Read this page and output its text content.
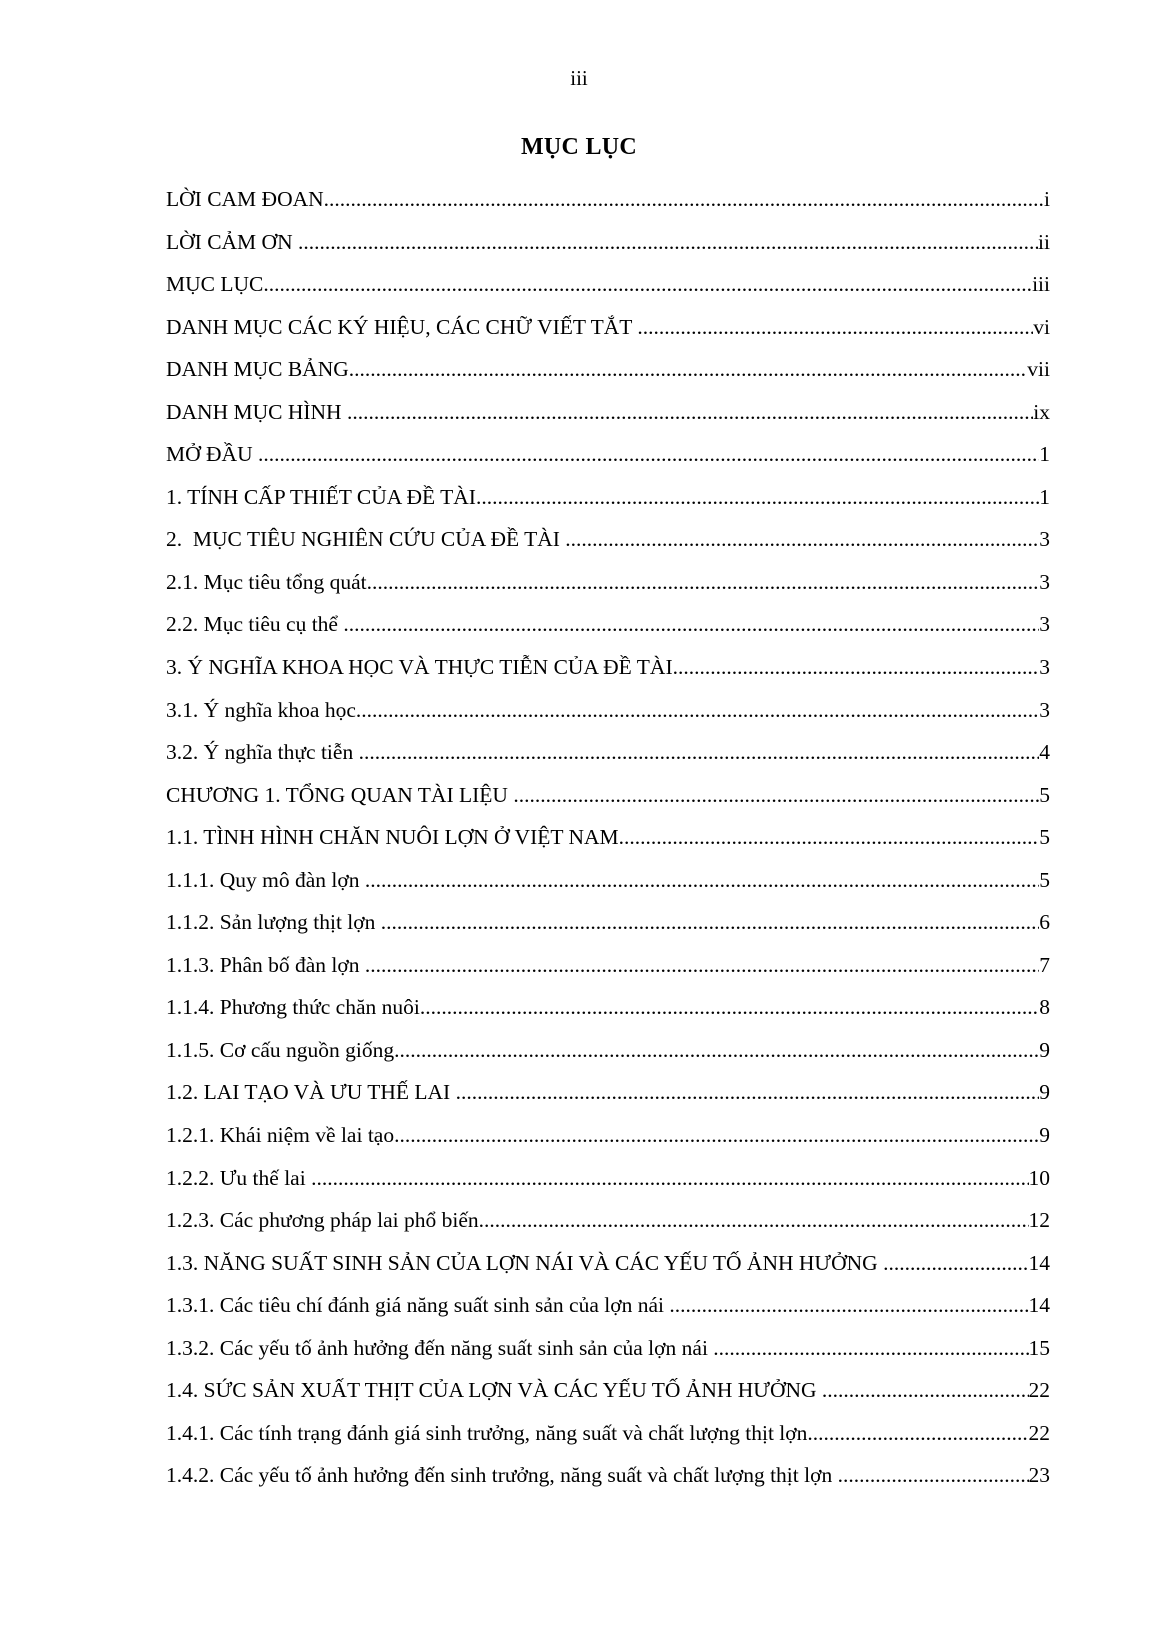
iii
MỤC LỤC
LỜI CAM ĐOAN .....	i
LỜI CẢM ƠN .....	ii
MỤC LỤC .....	iii
DANH MỤC CÁC KÝ HIỆU, CÁC CHỮ VIẾT TẮT .....	vi
DANH MỤC BẢNG .....	vii
DANH MỤC HÌNH .....	ix
MỞ ĐẦU .....	1
1. TÍNH CẤP THIẾT CỦA ĐỀ TÀI .....	1
2.  MỤC TIÊU NGHIÊN CỨU CỦA ĐỀ TÀI .....	3
2.1. Mục tiêu tổng quát .....	3
2.2. Mục tiêu cụ thể .....	3
3. Ý NGHĨA KHOA HỌC VÀ THỰC TIỄN CỦA ĐỀ TÀI .....	3
3.1. Ý nghĩa khoa học .....	3
3.2. Ý nghĩa thực tiễn .....	4
CHƯƠNG 1. TỔNG QUAN TÀI LIỆU .....	5
1.1. TÌNH HÌNH CHĂN NUÔI LỢN Ở VIỆT NAM .....	5
1.1.1. Quy mô đàn lợn .....	5
1.1.2. Sản lượng thịt lợn .....	6
1.1.3. Phân bố đàn lợn .....	7
1.1.4. Phương thức chăn nuôi .....	8
1.1.5. Cơ cấu nguồn giống .....	9
1.2. LAI TẠO VÀ ƯU THẾ LAI .....	9
1.2.1. Khái niệm về lai tạo .....	9
1.2.2. Ưu thế lai .....	10
1.2.3. Các phương pháp lai phổ biến .....	12
1.3. NĂNG SUẤT SINH SẢN CỦA LỢN NÁI VÀ CÁC YẾU TỐ ẢNH HƯỞNG .....	14
1.3.1. Các tiêu chí đánh giá năng suất sinh sản của lợn nái .....	14
1.3.2. Các yếu tố ảnh hưởng đến năng suất sinh sản của lợn nái .....	15
1.4. SỨC SẢN XUẤT THỊT CỦA LỢN VÀ CÁC YẾU TỐ ẢNH HƯỞNG .....	22
1.4.1. Các tính trạng đánh giá sinh trưởng, năng suất và chất lượng thịt lợn .....	22
1.4.2. Các yếu tố ảnh hưởng đến sinh trưởng, năng suất và chất lượng thịt lợn .....	23
